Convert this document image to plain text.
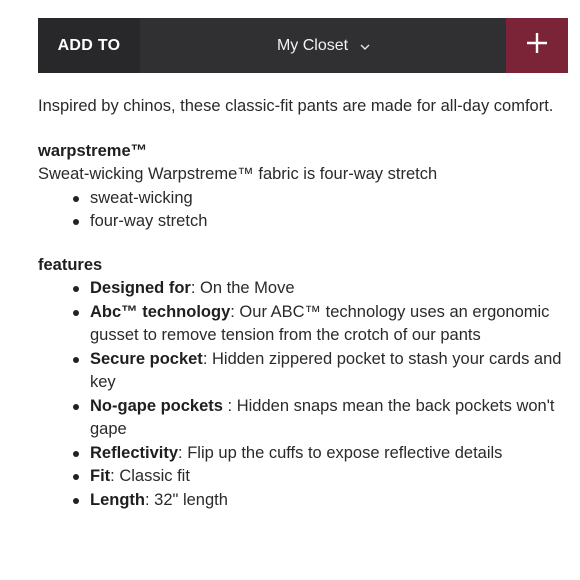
ADD TO	My Closet

Inspired by chinos, these classic-fit pants are made for all-day comfort.

warpstreme™

Sweat-wicking Warpstreme™ fabric is four-way stretch

sweat-wicking
four-way stretch

features

Designed for: On the Move
Abc™ technology: Our ABC™ technology uses an ergonomic gusset to remove tension from the crotch of our pants
Secure pocket: Hidden zippered pocket to stash your cards and key
No-gape pockets : Hidden snaps mean the back pockets won't gape
Reflectivity: Flip up the cuffs to expose reflective details
Fit: Classic fit
Length: 32" length
